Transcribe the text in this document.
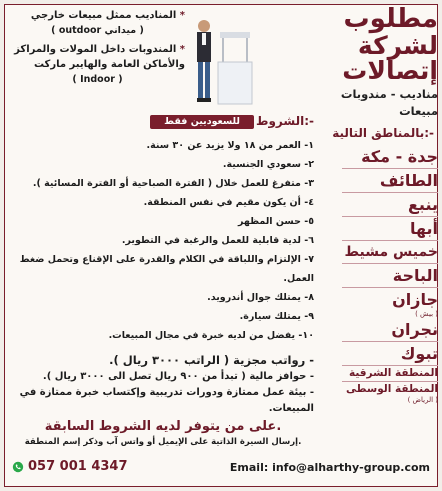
مطلوب
لشركة
إتصالات
مناديب - مندوبات
مبيعات
بالمناطق التالية:-
جدة - مكة
الطائف
ينبع
أبها
خميس مشيط
الباحة
جازان
( بيش )
نجران
تبوك
المنطقة الشرقية
المنطقة الوسطى
( الرياض )
* المناديب ممثل مبيعات خارجي
( ميداني outdoor )
* المندوبات داخل المولات والمراكز والأماكن العامة والهايبر ماركت
( Indoor )
الشروط:-
للسعوديين فقط
١- العمر من ١٨ ولا يزيد عن ٣٠ سنة.
٢- سعودي الجنسية.
٣- متفرغ للعمل خلال ( الفترة الصباحية أو الفترة المسائية ).
٤- أن يكون مقيم في نفس المنطقة.
٥- حسن المظهر
٦- لدية قابلية للعمل والرغبة في التطوير.
٧- الإلتزام واللباقة في الكلام والقدرة على الإقناع وتحمل ضغط العمل.
٨- يمتلك جوال أندرويد.
٩- يمتلك سيارة.
١٠- يفضل من لديه خبرة في مجال المبيعات.
- رواتب مجزية ( الراتب ٣٠٠٠ ريال ).
- حوافز مالية ( تبدأ من ٩٠٠ ريال تصل الى ٣٠٠٠ ريال ).
- بيئة عمل ممتازة ودورات تدريبية وإكتساب خبرة ممتازة في المبيعات.
على من يتوفر لديه الشروط السابقة.
إرسال السيرة الذاتية على الإيميل أو واتس آب وذكر إسم المنطقة.
057 001 4347	Email: info@alharthy-group.com
